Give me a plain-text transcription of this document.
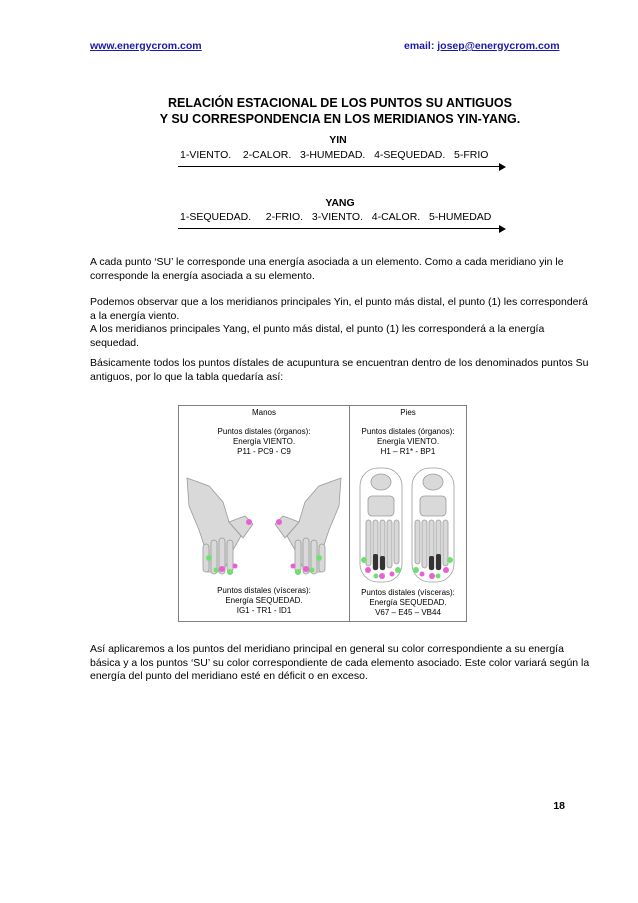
www.energycrom.com	email: josep@energycrom.com
RELACIÓN ESTACIONAL DE LOS PUNTOS SU ANTIGUOS
Y SU CORRESPONDENCIA EN LOS MERIDIANOS YIN-YANG.
YIN
1-VIENTO.    2-CALOR.   3-HUMEDAD.   4-SEQUEDAD.   5-FRIO
YANG
1-SEQUEDAD.     2-FRIO.   3-VIENTO.   4-CALOR.   5-HUMEDAD
A cada punto ‘SU’ le corresponde una energía asociada a un elemento. Como a cada meridiano yin le corresponde la energía asociada a su elemento.
Podemos observar que a los meridianos principales Yin, el punto más distal, el punto (1) les corresponderá a la energía viento.
A los meridianos principales Yang, el punto más distal, el punto (1) les corresponderá a la energía sequedad.
Básicamente todos los puntos dístales de acupuntura se encuentran dentro de los denominados puntos Su antiguos, por lo que la tabla quedaría así:
Manos
Puntos distales (órganos):
Energía VIENTO.
P11 - PC9 - C9
Puntos distales (vísceras):
Energía SEQUEDAD.
IG1 - TR1 - ID1
Pies
Puntos distales (órganos):
Energía VIENTO.
H1 – R1* - BP1
Puntos distales (vísceras):
Energía SEQUEDAD.
V67 – E45 – VB44
Así aplicaremos a los puntos del meridiano principal en general su color correspondiente a su energía básica y a los puntos ‘SU’ su color correspondiente de cada elemento asociado. Este color variará según la energía del punto del meridiano esté en déficit o en exceso.
18
